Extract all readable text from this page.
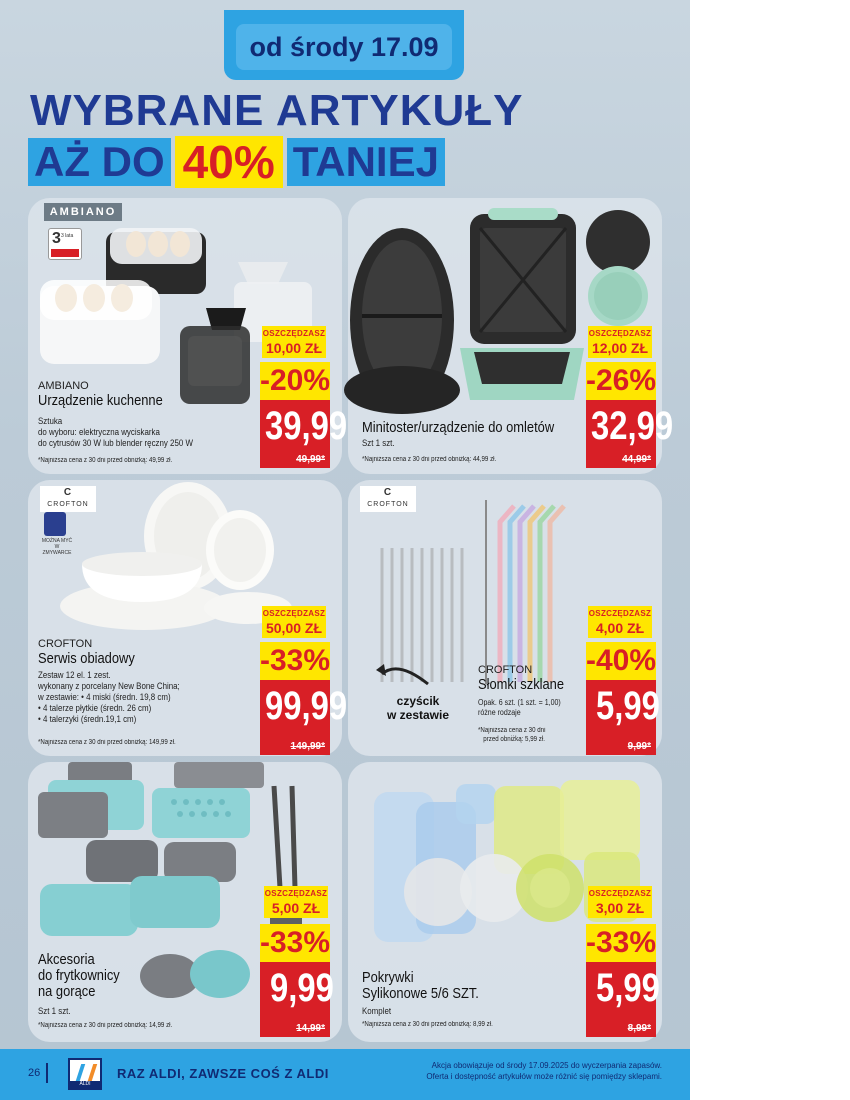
od środy 17.09
WYBRANE ARTYKUŁY
AŻ DO 40% TANIEJ
AMBIANO
3 3 lata
AMBIANO
Urządzenie kuchenne
Sztuka
do wyboru: elektryczna wyciskarka
do cytrusów 30 W lub blender ręczny 250 W
*Najniższa cena z 30 dni przed obniżką: 49,99 zł.
OSZCZĘDZASZ
10,00 ZŁ
-20%
39,99
49,99*
Minitoster/urządzenie do omletów
Szt 1 szt.
*Najniższa cena z 30 dni przed obniżką: 44,99 zł.
OSZCZĘDZASZ
12,00 ZŁ
-26%
32,99
44,99*
C CROFTON
MOŻNA MYĆ W ZMYWARCE
CROFTON
Serwis obiadowy
Zestaw 12 el. 1 zest.
wykonany z porcelany New Bone China;
w zestawie: • 4 miski (średn. 19,8 cm)
• 4 talerze płytkie (średn. 26 cm)
• 4 talerzyki (średn.19,1 cm)
*Najniższa cena z 30 dni przed obniżką: 149,99 zł.
OSZCZĘDZASZ
50,00 ZŁ
-33%
99,99
149,99*
C CROFTON
czyścik
w zestawie
CROFTON
Słomki szklane
Opak. 6 szt. (1 szt. = 1,00)
różne rodzaje
*Najniższa cena z 30 dni
przed obniżką: 5,99 zł.
OSZCZĘDZASZ
4,00 ZŁ
-40%
5,99
9,99*
Akcesoria
do frytkownicy
na gorące
Szt 1 szt.
*Najniższa cena z 30 dni przed obniżką: 14,99 zł.
OSZCZĘDZASZ
5,00 ZŁ
-33%
9,99
14,99*
Pokrywki
Sylikonowe 5/6 SZT.
Komplet
*Najniższa cena z 30 dni przed obniżką: 8,99 zł.
OSZCZĘDZASZ
3,00 ZŁ
-33%
5,99
8,99*
26
ALDI
RAZ ALDI, ZAWSZE COŚ Z ALDI
Akcja obowiązuje od środy 17.09.2025 do wyczerpania zapasów.
Oferta i dostępność artykułów może różnić się pomiędzy sklepami.
